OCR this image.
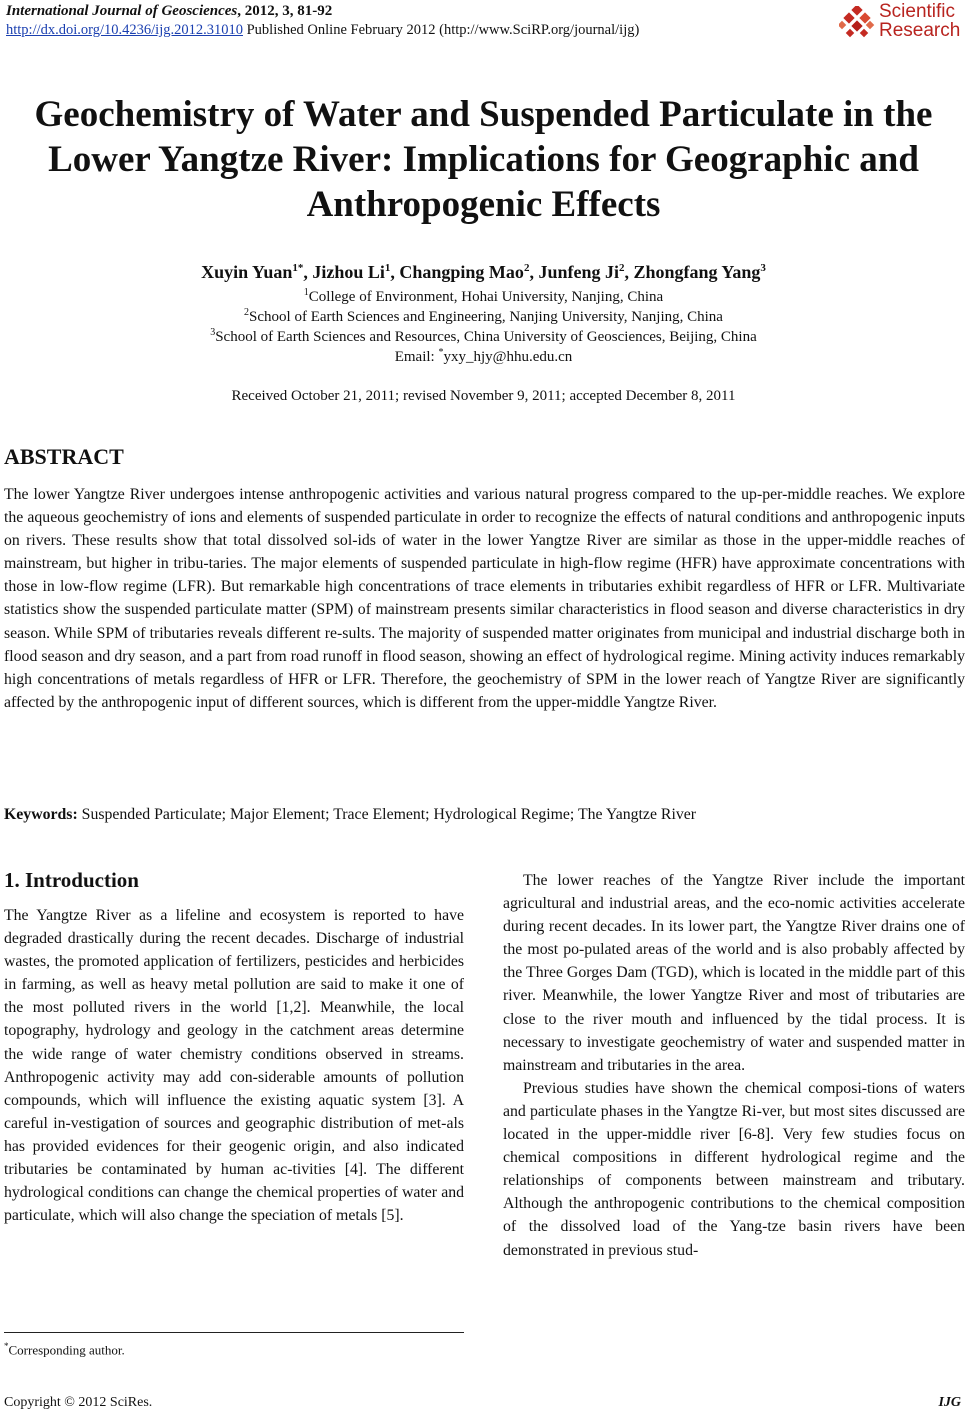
International Journal of Geosciences, 2012, 3, 81-92
http://dx.doi.org/10.4236/ijg.2012.31010 Published Online February 2012 (http://www.SciRP.org/journal/ijg)
Scientific
Research
Geochemistry of Water and Suspended Particulate in the
Lower Yangtze River: Implications for Geographic and
Anthropogenic Effects
Xuyin Yuan$^{1*}$, Jizhou Li$^1$, Changping Mao$^2$, Junfeng Ji$^2$, Zhongfang Yang$^3$
$^1$College of Environment, Hohai University, Nanjing, China
$^2$School of Earth Sciences and Engineering, Nanjing University, Nanjing, China
$^3$School of Earth Sciences and Resources, China University of Geosciences, Beijing, China
Email: *yxy_hjy@hhu.edu.cn
Received October 21, 2011; revised November 9, 2011; accepted December 8, 2011
ABSTRACT
The lower Yangtze River undergoes intense anthropogenic activities and various natural progress compared to the up-per-middle reaches. We explore the aqueous geochemistry of ions and elements of suspended particulate in order to recognize the effects of natural conditions and anthropogenic inputs on rivers. These results show that total dissolved sol-ids of water in the lower Yangtze River are similar as those in the upper-middle reaches of mainstream, but higher in tribu-taries. The major elements of suspended particulate in high-flow regime (HFR) have approximate concentrations with those in low-flow regime (LFR). But remarkable high concentrations of trace elements in tributaries exhibit regardless of HFR or LFR. Multivariate statistics show the suspended particulate matter (SPM) of mainstream presents similar characteristics in flood season and diverse characteristics in dry season. While SPM of tributaries reveals different re-sults. The majority of suspended matter originates from municipal and industrial discharge both in flood season and dry season, and a part from road runoff in flood season, showing an effect of hydrological regime. Mining activity induces remarkably high concentrations of metals regardless of HFR or LFR. Therefore, the geochemistry of SPM in the lower reach of Yangtze River are significantly affected by the anthropogenic input of different sources, which is different from the upper-middle Yangtze River.
Keywords: Suspended Particulate; Major Element; Trace Element; Hydrological Regime; The Yangtze River
1. Introduction

The Yangtze River as a lifeline and ecosystem is reported to have degraded drastically during the recent decades. Discharge of industrial wastes, the promoted application of fertilizers, pesticides and herbicides in farming, as well as heavy metal pollution are said to make it one of the most polluted rivers in the world [1,2]. Meanwhile, the local topography, hydrology and geology in the catchment areas determine the wide range of water chemistry conditions observed in streams. Anthropogenic activity may add con-siderable amounts of pollution compounds, which will influence the existing aquatic system [3]. A careful in-vestigation of sources and geographic distribution of met-als has provided evidences for their geogenic origin, and also indicated tributaries be contaminated by human ac-tivities [4]. The different hydrological conditions can change the chemical properties of water and particulate, which will also change the speciation of metals [5].

The lower reaches of the Yangtze River include the important agricultural and industrial areas, and the eco-nomic activities accelerate during recent decades. In its lower part, the Yangtze River drains one of the most po-pulated areas of the world and is also probably affected by the Three Gorges Dam (TGD), which is located in the middle part of this river. Meanwhile, the lower Yangtze River and most of tributaries are close to the river mouth and influenced by the tidal process. It is necessary to investigate geochemistry of water and suspended matter in mainstream and tributaries in the area.

Previous studies have shown the chemical composi-tions of waters and particulate phases in the Yangtze Ri-ver, but most sites discussed are located in the upper-middle river [6-8]. Very few studies focus on chemical compositions in different hydrological regime and the relationships of components between mainstream and tributary. Although the anthropogenic contributions to the chemical composition of the dissolved load of the Yang-tze basin rivers have been demonstrated in previous stud-

*Corresponding author.
Copyright © 2012 SciRes.	IJG
